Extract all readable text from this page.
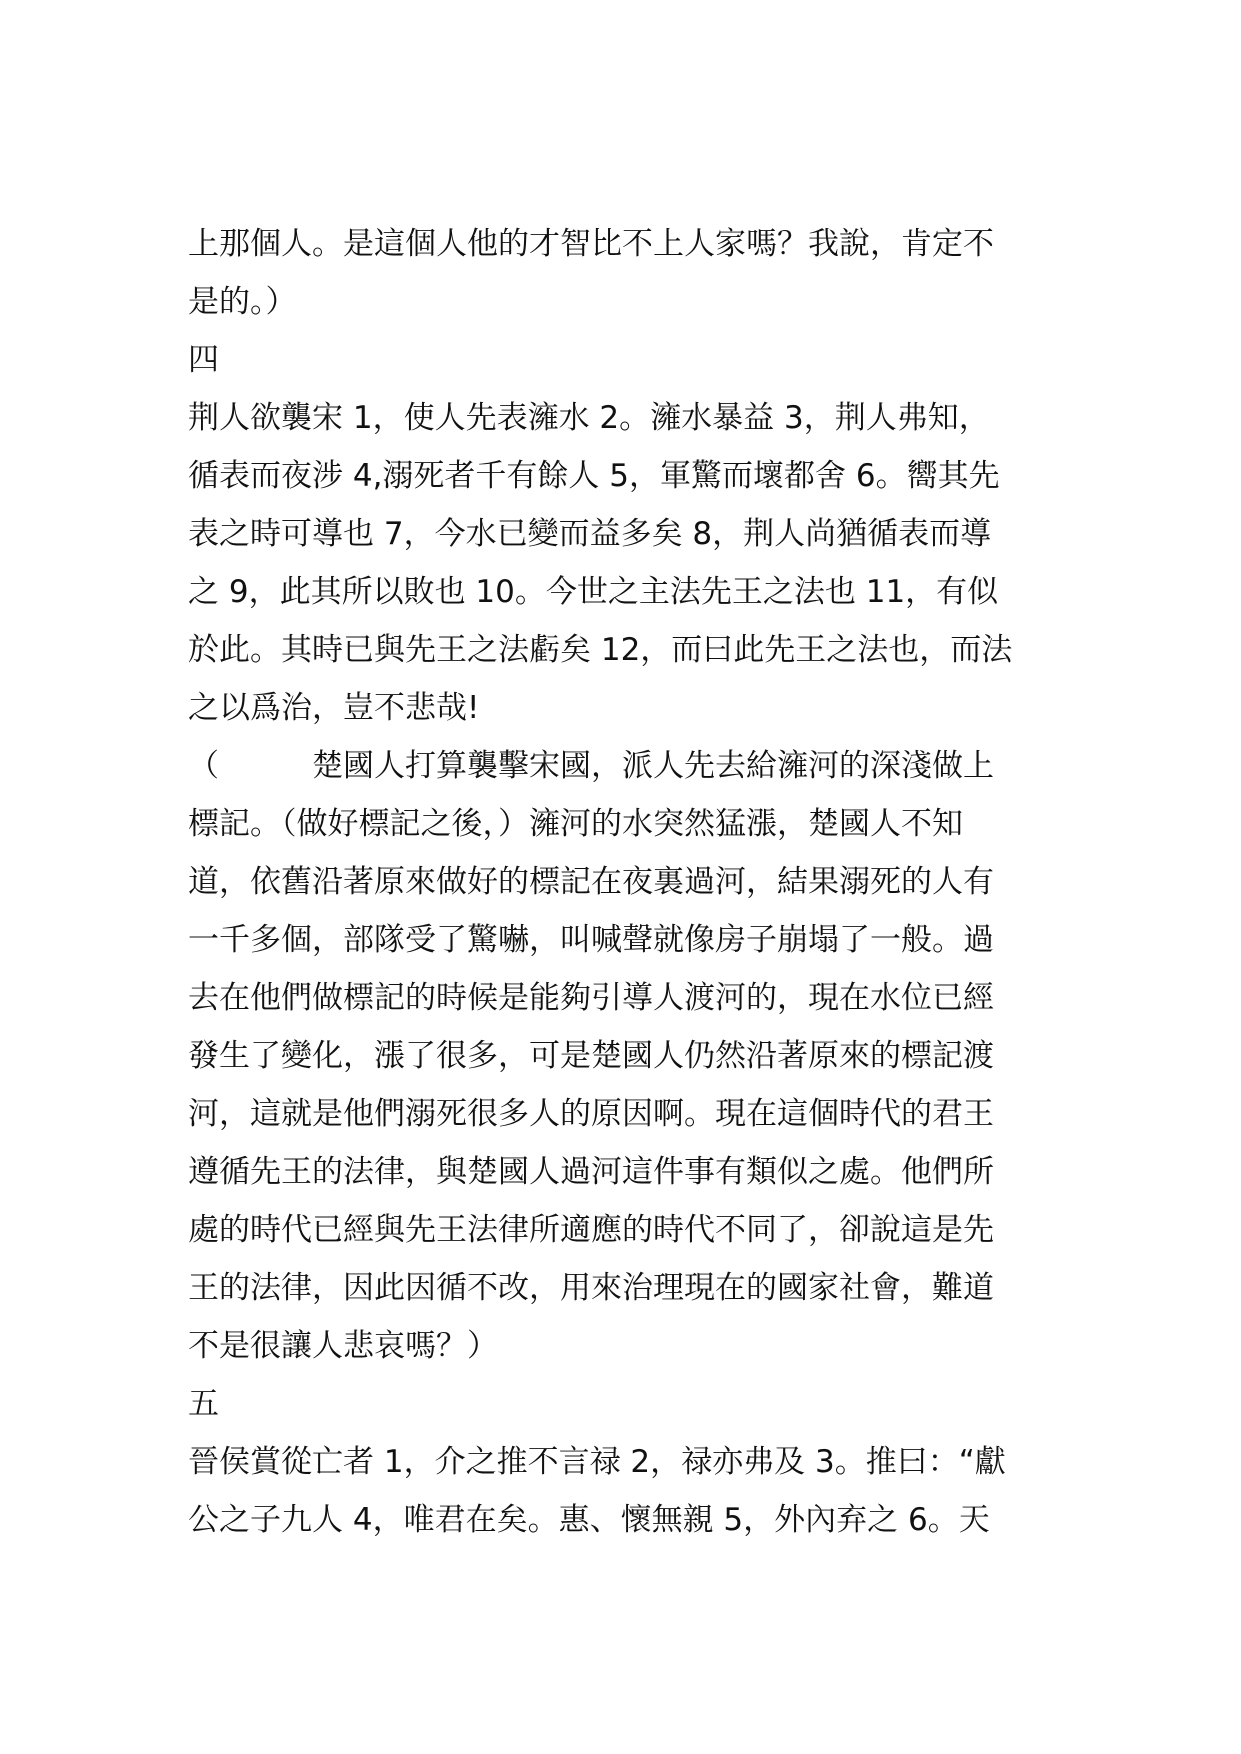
上那個人。是這個人他的才智比不上人家嗎？我說，肯定不
是的。）
四
荆人欲襲宋 1，使人先表澭水 2。澭水暴益 3，荆人弗知，
循表而夜涉 4,溺死者千有餘人 5，軍驚而壞都舍 6。嚮其先
表之時可導也 7，今水已變而益多矣 8，荆人尚猶循表而導
之 9，此其所以敗也 10。今世之主法先王之法也 11，有似
於此。其時已與先王之法虧矣 12，而曰此先王之法也，而法
之以爲治，豈不悲哉!
（　　　楚國人打算襲擊宋國，派人先去給澭河的深淺做上
標記。（做好標記之後，）澭河的水突然猛漲，楚國人不知
道，依舊沿著原來做好的標記在夜裏過河，結果溺死的人有
一千多個，部隊受了驚嚇，叫喊聲就像房子崩塌了一般。過
去在他們做標記的時候是能夠引導人渡河的，現在水位已經
發生了變化，漲了很多，可是楚國人仍然沿著原來的標記渡
河，這就是他們溺死很多人的原因啊。現在這個時代的君王
遵循先王的法律，與楚國人過河這件事有類似之處。他們所
處的時代已經與先王法律所適應的時代不同了，卻說這是先
王的法律，因此因循不改，用來治理現在的國家社會，難道
不是很讓人悲哀嗎？）
五
晉侯賞從亡者 1，介之推不言禄 2，禄亦弗及 3。推曰：“獻
公之子九人 4，唯君在矣。惠、懷無親 5，外內弃之 6。天
